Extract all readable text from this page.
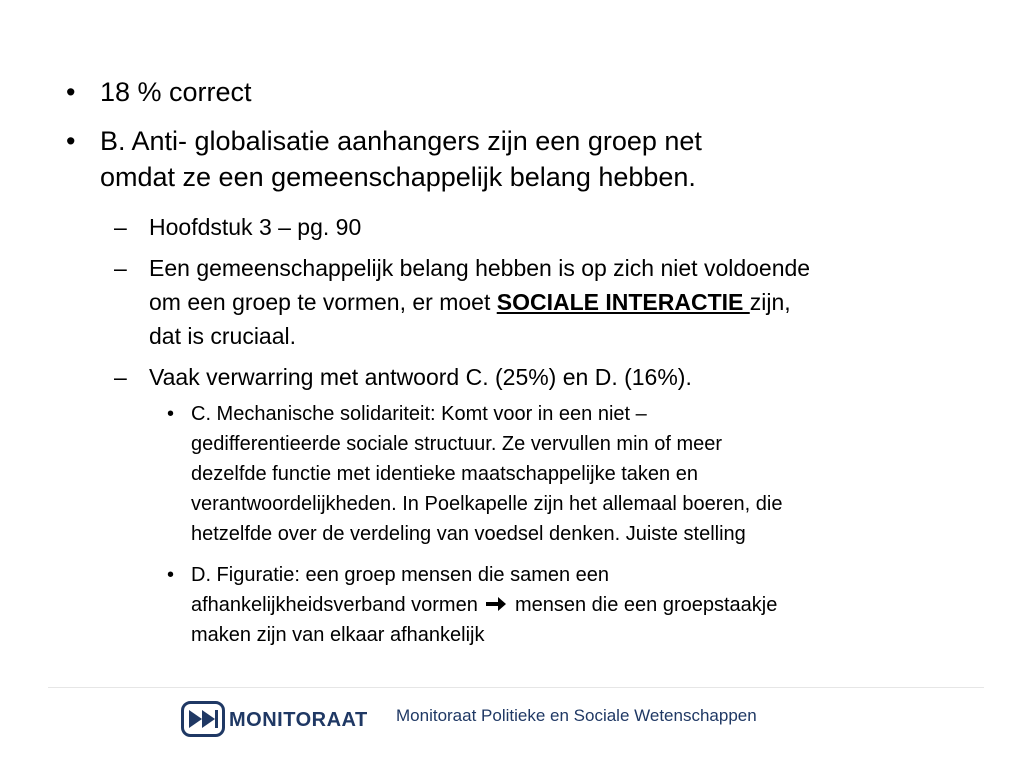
• 18 % correct
• B. Anti- globalisatie aanhangers zijn een groep net
omdat ze een gemeenschappelijk belang hebben.
– Hoofdstuk 3 – pg. 90
– Een gemeenschappelijk belang hebben is op zich niet voldoende
om een groep te vormen, er moet SOCIALE INTERACTIE zijn,
dat is cruciaal.
– Vaak verwarring met antwoord C. (25%) en D. (16%).
• C. Mechanische solidariteit: Komt voor in een niet –
gedifferentieerde sociale structuur. Ze vervullen min of meer
dezelfde functie met identieke maatschappelijke taken en
verantwoordelijkheden. In Poelkapelle zijn het allemaal boeren, die
hetzelfde over de verdeling van voedsel denken. Juiste stelling
• D. Figuratie: een groep mensen die samen een
afhankelijkheidsverband vormen  mensen die een groepstaakje
maken zijn van elkaar afhankelijk
MONITORAAT Monitoraat Politieke en Sociale Wetenschappen
